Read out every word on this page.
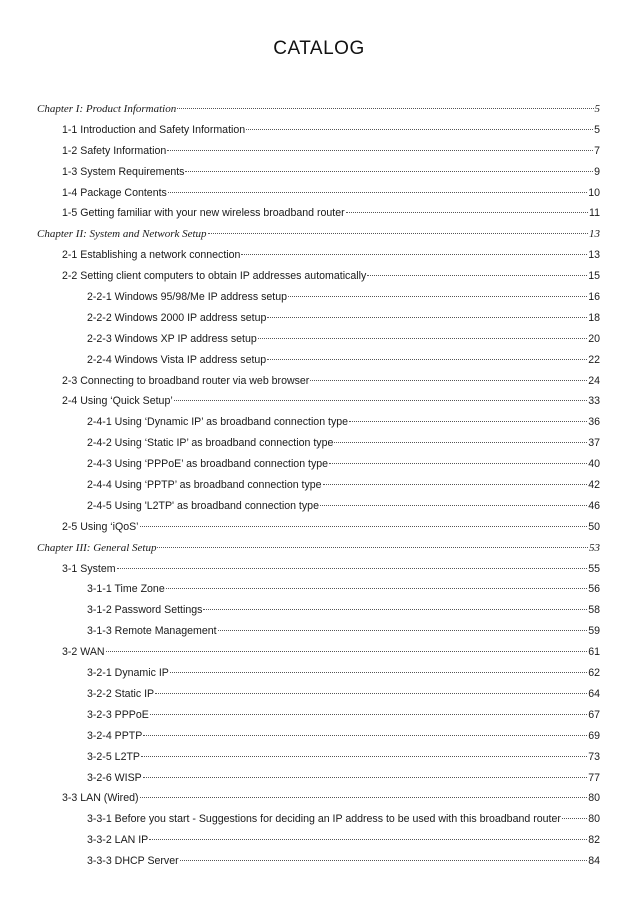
CATALOG
Chapter I: Product Information	5
1-1 Introduction and Safety Information	5
1-2 Safety Information	7
1-3 System Requirements	9
1-4 Package Contents	10
1-5 Getting familiar with your new wireless broadband router	11
Chapter II: System and Network Setup	13
2-1 Establishing a network connection	13
2-2 Setting client computers to obtain IP addresses automatically	15
2-2-1 Windows 95/98/Me IP address setup	16
2-2-2 Windows 2000 IP address setup	18
2-2-3 Windows XP IP address setup	20
2-2-4 Windows Vista IP address setup	22
2-3 Connecting to broadband router via web browser	24
2-4 Using ‘Quick Setup’	33
2-4-1 Using ‘Dynamic IP’ as broadband connection type	36
2-4-2 Using ‘Static IP’ as broadband connection type	37
2-4-3 Using ‘PPPoE’ as broadband connection type	40
2-4-4 Using ‘PPTP’ as broadband connection type	42
2-4-5 Using 'L2TP' as broadband connection type	46
2-5 Using ‘iQoS’	50
Chapter III: General Setup	53
3-1 System	55
3-1-1 Time Zone	56
3-1-2 Password Settings	58
3-1-3 Remote Management	59
3-2 WAN	61
3-2-1 Dynamic IP	62
3-2-2 Static IP	64
3-2-3 PPPoE	67
3-2-4 PPTP	69
3-2-5 L2TP	73
3-2-6 WISP	77
3-3 LAN (Wired)	80
3-3-1 Before you start - Suggestions for deciding an IP address to be used with this broadband router	80
3-3-2 LAN IP	82
3-3-3 DHCP Server	84
